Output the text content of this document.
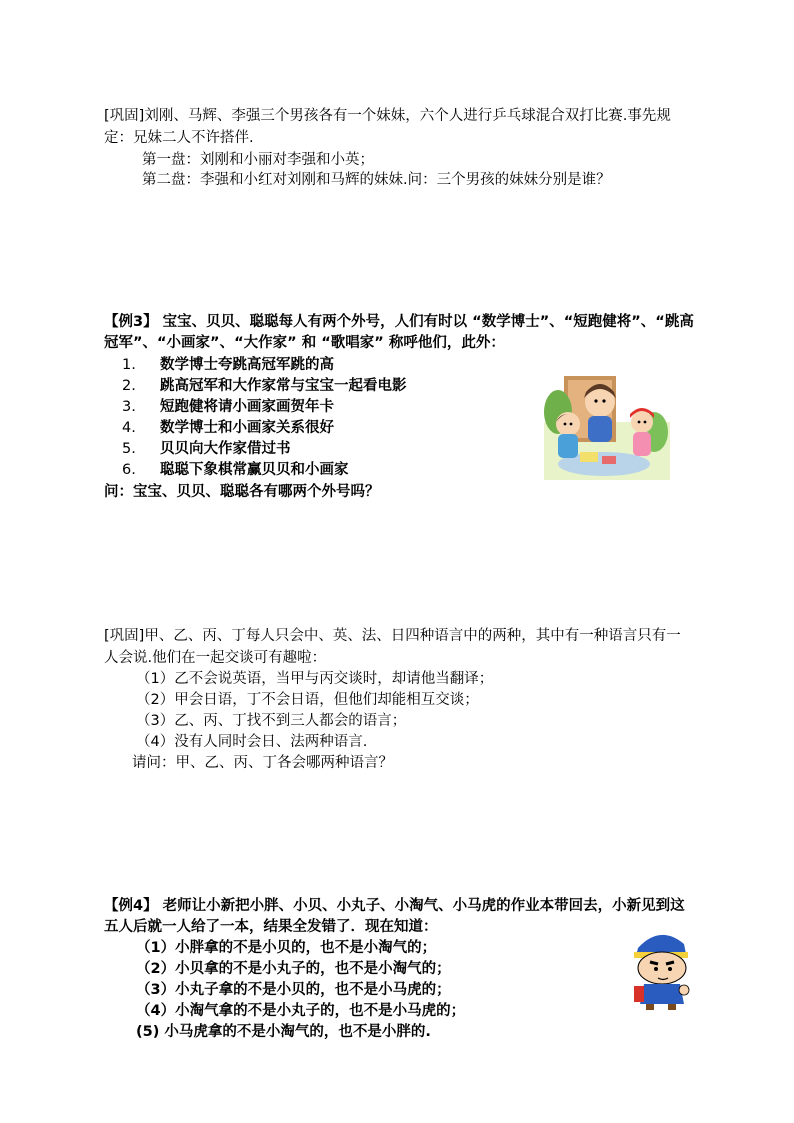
[巩固]刘刚、马辉、李强三个男孩各有一个妹妹，六个人进行乒乓球混合双打比赛.事先规
定：兄妹二人不许搭伴.
第一盘：刘刚和小丽对李强和小英；
第二盘：李强和小红对刘刚和马辉的妹妹.问：三个男孩的妹妹分别是谁？
【例3】 宝宝、贝贝、聪聪每人有两个外号，人们有时以 “数学博士”、“短跑健将”、“跳高
冠军”、“小画家”、“大作家” 和 “歌唱家” 称呼他们，此外：
1. 数学博士夸跳高冠军跳的高
2. 跳高冠军和大作家常与宝宝一起看电影
3. 短跑健将请小画家画贺年卡
4. 数学博士和小画家关系很好
5. 贝贝向大作家借过书
6. 聪聪下象棋常赢贝贝和小画家
问：宝宝、贝贝、聪聪各有哪两个外号吗？
[巩固]甲、乙、丙、丁每人只会中、英、法、日四种语言中的两种，其中有一种语言只有一
人会说.他们在一起交谈可有趣啦：
（1）乙不会说英语，当甲与丙交谈时，却请他当翻译；
（2）甲会日语，丁不会日语，但他们却能相互交谈；
（3）乙、丙、丁找不到三人都会的语言；
（4）没有人同时会日、法两种语言.
请问：甲、乙、丙、丁各会哪两种语言？
【例4】 老师让小新把小胖、小贝、小丸子、小淘气、小马虎的作业本带回去，小新见到这
五人后就一人给了一本，结果全发错了．现在知道：
（1）小胖拿的不是小贝的，也不是小淘气的；
（2）小贝拿的不是小丸子的，也不是小淘气的；
（3）小丸子拿的不是小贝的，也不是小马虎的；
（4）小淘气拿的不是小丸子的，也不是小马虎的；
(5) 小马虎拿的不是小淘气的，也不是小胖的.
